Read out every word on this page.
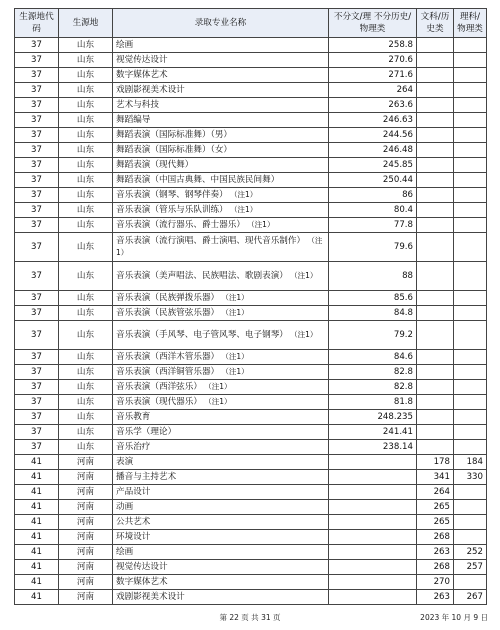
生源地代码	生源地	录取专业名称	不分文/理 不分历史/物理类	文科/历史类	理科/物理类
37	山东	绘画	258.8		
37	山东	视觉传达设计	270.6		
37	山东	数字媒体艺术	271.6		
37	山东	戏剧影视美术设计	264		
37	山东	艺术与科技	263.6		
37	山东	舞蹈编导	246.63		
37	山东	舞蹈表演（国际标准舞）（男）	244.56		
37	山东	舞蹈表演（国际标准舞）（女）	246.48		
37	山东	舞蹈表演（现代舞）	245.85		
37	山东	舞蹈表演（中国古典舞、中国民族民间舞）	250.44		
37	山东	音乐表演（钢琴、钢琴伴奏） （注1）	86		
37	山东	音乐表演（管乐与乐队训练） （注1）	80.4		
37	山东	音乐表演（流行器乐、爵士器乐） （注1）	77.8		
37	山东	音乐表演（流行演唱、爵士演唱、现代音乐制作） （注1）	79.6		
37	山东	音乐表演（美声唱法、民族唱法、歌剧表演） （注1）	88		
37	山东	音乐表演（民族弹拨乐器） （注1）	85.6		
37	山东	音乐表演（民族管弦乐器） （注1）	84.8		
37	山东	音乐表演（手风琴、电子管风琴、电子钢琴） （注1）	79.2		
37	山东	音乐表演（西洋木管乐器） （注1）	84.6		
37	山东	音乐表演（西洋铜管乐器） （注1）	82.8		
37	山东	音乐表演（西洋弦乐） （注1）	82.8		
37	山东	音乐表演（现代器乐） （注1）	81.8		
37	山东	音乐教育	248.235		
37	山东	音乐学（理论）	241.41		
37	山东	音乐治疗	238.14		
41	河南	表演		178	184
41	河南	播音与主持艺术		341	330
41	河南	产品设计		264	
41	河南	动画		265	
41	河南	公共艺术		265	
41	河南	环境设计		268	
41	河南	绘画		263	252
41	河南	视觉传达设计		268	257
41	河南	数字媒体艺术		270	
41	河南	戏剧影视美术设计		263	267
第 22 页 共 31 页	2023 年 10 月 9 日
